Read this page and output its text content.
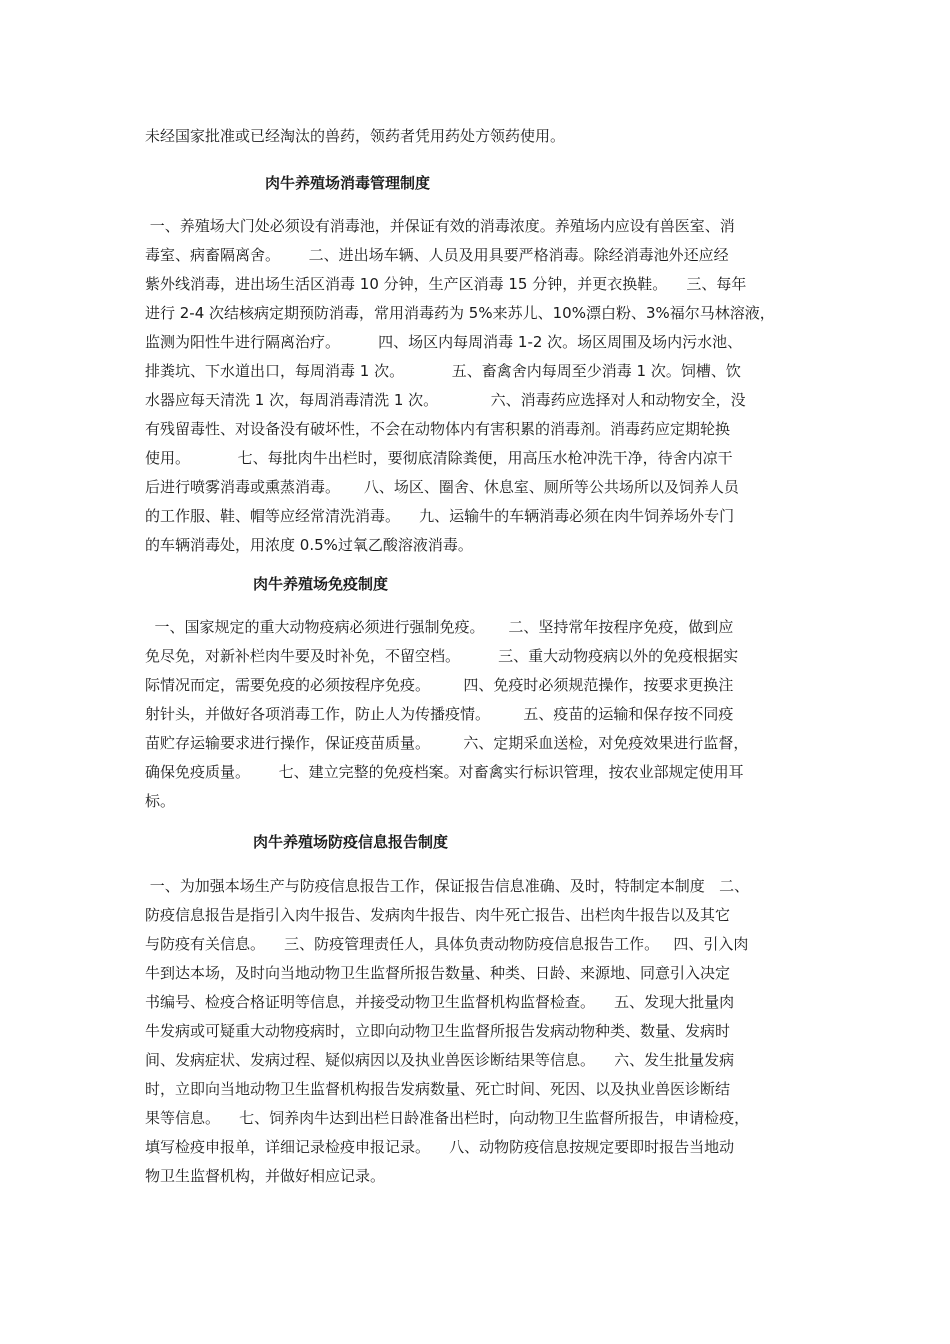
未经国家批准或已经淘汰的兽药，领药者凭用药处方领药使用。

肉牛养殖场消毒管理制度
一、养殖场大门处必须设有消毒池，并保证有效的消毒浓度。养殖场内应设有兽医室、消
毒室、病畜隔离舍。      二、进出场车辆、人员及用具要严格消毒。除经消毒池外还应经
紫外线消毒，进出场生活区消毒 10 分钟，生产区消毒 15 分钟，并更衣换鞋。    三、每年
进行 2-4 次结核病定期预防消毒，常用消毒药为 5%来苏儿、10%漂白粉、3%福尔马林溶液，
监测为阳性牛进行隔离治疗。        四、场区内每周消毒 1-2 次。场区周围及场内污水池、
排粪坑、下水道出口，每周消毒 1 次。          五、畜禽舍内每周至少消毒 1 次。饲槽、饮
水器应每天清洗 1 次，每周消毒清洗 1 次。           六、消毒药应选择对人和动物安全，没
有残留毒性、对设备没有破坏性，不会在动物体内有害积累的消毒剂。消毒药应定期轮换
使用。          七、每批肉牛出栏时，要彻底清除粪便，用高压水枪冲洗干净，待舍内凉干
后进行喷雾消毒或熏蒸消毒。     八、场区、圈舍、休息室、厕所等公共场所以及饲养人员
的工作服、鞋、帽等应经常清洗消毒。    九、运输牛的车辆消毒必须在肉牛饲养场外专门
的车辆消毒处，用浓度 0.5%过氧乙酸溶液消毒。
肉牛养殖场免疫制度
一、国家规定的重大动物疫病必须进行强制免疫。     二、坚持常年按程序免疫，做到应
免尽免，对新补栏肉牛要及时补免，不留空档。        三、重大动物疫病以外的免疫根据实
际情况而定，需要免疫的必须按程序免疫。       四、免疫时必须规范操作，按要求更换注
射针头，并做好各项消毒工作，防止人为传播疫情。       五、疫苗的运输和保存按不同疫
苗贮存运输要求进行操作，保证疫苗质量。       六、定期采血送检，对免疫效果进行监督，
确保免疫质量。      七、建立完整的免疫档案。对畜禽实行标识管理，按农业部规定使用耳
标。
肉牛养殖场防疫信息报告制度
一、为加强本场生产与防疫信息报告工作，保证报告信息准确、及时，特制定本制度   二、
防疫信息报告是指引入肉牛报告、发病肉牛报告、肉牛死亡报告、出栏肉牛报告以及其它
与防疫有关信息。    三、防疫管理责任人，具体负责动物防疫信息报告工作。   四、引入肉
牛到达本场，及时向当地动物卫生监督所报告数量、种类、日龄、来源地、同意引入决定
书编号、检疫合格证明等信息，并接受动物卫生监督机构监督检查。    五、发现大批量肉
牛发病或可疑重大动物疫病时，立即向动物卫生监督所报告发病动物种类、数量、发病时
间、发病症状、发病过程、疑似病因以及执业兽医诊断结果等信息。    六、发生批量发病
时，立即向当地动物卫生监督机构报告发病数量、死亡时间、死因、以及执业兽医诊断结
果等信息。    七、饲养肉牛达到出栏日龄准备出栏时，向动物卫生监督所报告，申请检疫，
填写检疫申报单，详细记录检疫申报记录。    八、动物防疫信息按规定要即时报告当地动
物卫生监督机构，并做好相应记录。
